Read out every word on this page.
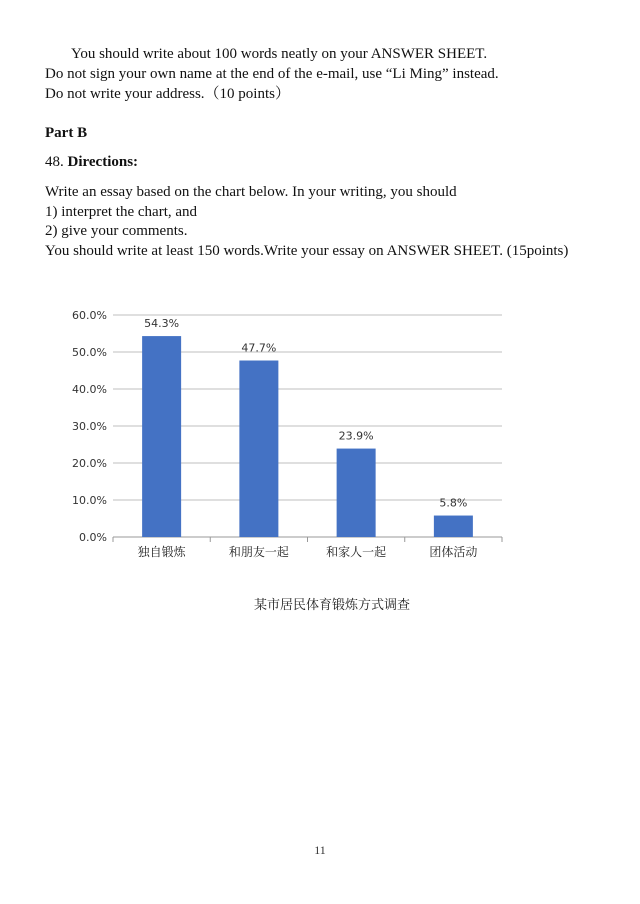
You should write about 100 words neatly on your ANSWER SHEET.
Do not sign your own name at the end of the e-mail, use “Li Ming” instead.
Do not write your address.（10 points）
Part B
48. Directions:
Write an essay based on the chart below. In your writing, you should
1) interpret the chart, and
2) give your comments.
You should write at least 150 words.Write your essay on ANSWER SHEET. (15points)
0.0%
10.0%
20.0%
30.0%
40.0%
50.0%
60.0%
54.3%
独自锻炼
47.7%
和朋友一起
23.9%
和家人一起
5.8%
团体活动
某市居民体育锻炼方式调查
11
